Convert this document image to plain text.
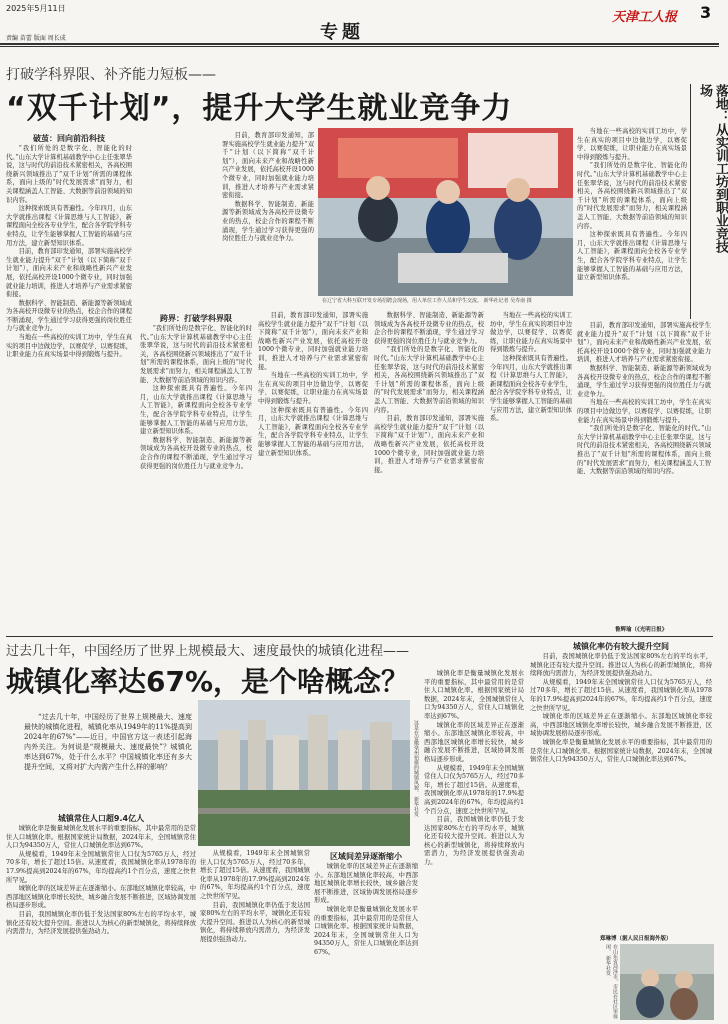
2025年5月11日
责编 苗蕾 版面 周长成	专题
天津工人报 3
打破学科界限、补齐能力短板——
“双千计划”，提升大学生就业竞争力	落地：从实训工坊到职业竞技场
破茧：回向前沿科技

“我们所处的是数字化、智能化的时代。”山东大学计算机基础教学中心主任张翠华说，这与时代的前沿技术紧密相关，各高校围绕新兴领域推出了“双千计划”所需的课程体系，面向上级的“时代发展需求”而努力，相关课程涵盖人工智能、大数据等前沿领域的知识内容。

这种探索既具有普遍性。今年四月，山东大学就推出课程《计算思维与人工智能》，新课程面向全校各专业学生，配合各学院学科专业特点，让学生能够掌握人工智能的基础与应用方法，建立新型知识体系。

目前，教育部印发通知，部署实施高校学生就业能力提升“双千”计划（以下简称“双千计划”），面向未来产业和战略性新兴产业发展，依托高校开设1000个微专业，同时加强就业能力培训，推进人才培养与产业需求紧密衔接。

数据科学、智能制造、新能源等新领域成为各高校开设微专业的热点，校企合作的课程不断涌现，学生通过学习获得更强的岗位胜任力与就业竞争力。

当地在一些高校的实训工坊中，学生在真实的项目中边做边学，以赛促学、以赛促练，让职业能力在真实场景中得到锻炼与提升。

目前，教育部印发通知，部署实施高校学生就业能力提升“双千”计划（以下简称“双千计划”），面向未来产业和战略性新兴产业发展，依托高校开设1000个微专业，同时加强就业能力培训，推进人才培养与产业需求紧密衔接。

数据科学、智能制造、新能源等新领域成为各高校开设微专业的热点，校企合作的课程不断涌现，学生通过学习获得更强的岗位胜任力与就业竞争力。

在辽宁省大科互联开发专场招聘会现场，用人单位工作人员和学生交流。 新华社记者 吴寿南 摄

当地在一些高校的实训工坊中，学生在真实的项目中边做边学，以赛促学、以赛促练，让职业能力在真实场景中得到锻炼与提升。

“我们所处的是数字化、智能化的时代。”山东大学计算机基础教学中心主任张翠华说，这与时代的前沿技术紧密相关，各高校围绕新兴领域推出了“双千计划”所需的课程体系，面向上级的“时代发展需求”而努力，相关课程涵盖人工智能、大数据等前沿领域的知识内容。

这种探索既具有普遍性。今年四月，山东大学就推出课程《计算思维与人工智能》，新课程面向全校各专业学生，配合各学院学科专业特点，让学生能够掌握人工智能的基础与应用方法，建立新型知识体系。

目前，教育部印发通知，部署实施高校学生就业能力提升“双千”计划（以下简称“双千计划”），面向未来产业和战略性新兴产业发展，依托高校开设1000个微专业，同时加强就业能力培训，推进人才培养与产业需求紧密衔接。

数据科学、智能制造、新能源等新领域成为各高校开设微专业的热点，校企合作的课程不断涌现，学生通过学习获得更强的岗位胜任力与就业竞争力。

当地在一些高校的实训工坊中，学生在真实的项目中边做边学，以赛促学、以赛促练，让职业能力在真实场景中得到锻炼与提升。

“我们所处的是数字化、智能化的时代。”山东大学计算机基础教学中心主任张翠华说，这与时代的前沿技术紧密相关，各高校围绕新兴领域推出了“双千计划”所需的课程体系，面向上级的“时代发展需求”而努力，相关课程涵盖人工智能、大数据等前沿领域的知识内容。

鲁辉瑜（《光明日报》
跨界：打破学科界限

“我们所处的是数字化、智能化的时代。”山东大学计算机基础教学中心主任张翠华说，这与时代的前沿技术紧密相关，各高校围绕新兴领域推出了“双千计划”所需的课程体系，面向上级的“时代发展需求”而努力，相关课程涵盖人工智能、大数据等前沿领域的知识内容。

这种探索既具有普遍性。今年四月，山东大学就推出课程《计算思维与人工智能》，新课程面向全校各专业学生，配合各学院学科专业特点，让学生能够掌握人工智能的基础与应用方法，建立新型知识体系。

数据科学、智能制造、新能源等新领域成为各高校开设微专业的热点，校企合作的课程不断涌现，学生通过学习获得更强的岗位胜任力与就业竞争力。

目前，教育部印发通知，部署实施高校学生就业能力提升“双千”计划（以下简称“双千计划”），面向未来产业和战略性新兴产业发展，依托高校开设1000个微专业，同时加强就业能力培训，推进人才培养与产业需求紧密衔接。

当地在一些高校的实训工坊中，学生在真实的项目中边做边学，以赛促学、以赛促练，让职业能力在真实场景中得到锻炼与提升。

这种探索既具有普遍性。今年四月，山东大学就推出课程《计算思维与人工智能》，新课程面向全校各专业学生，配合各学院学科专业特点，让学生能够掌握人工智能的基础与应用方法，建立新型知识体系。

数据科学、智能制造、新能源等新领域成为各高校开设微专业的热点，校企合作的课程不断涌现，学生通过学习获得更强的岗位胜任力与就业竞争力。

“我们所处的是数字化、智能化的时代。”山东大学计算机基础教学中心主任张翠华说，这与时代的前沿技术紧密相关，各高校围绕新兴领域推出了“双千计划”所需的课程体系，面向上级的“时代发展需求”而努力，相关课程涵盖人工智能、大数据等前沿领域的知识内容。

目前，教育部印发通知，部署实施高校学生就业能力提升“双千”计划（以下简称“双千计划”），面向未来产业和战略性新兴产业发展，依托高校开设1000个微专业，同时加强就业能力培训，推进人才培养与产业需求紧密衔接。

当地在一些高校的实训工坊中，学生在真实的项目中边做边学，以赛促学、以赛促练，让职业能力在真实场景中得到锻炼与提升。

这种探索既具有普遍性。今年四月，山东大学就推出课程《计算思维与人工智能》，新课程面向全校各专业学生，配合各学院学科专业特点，让学生能够掌握人工智能的基础与应用方法，建立新型知识体系。

过去几十年，中国经历了世界上规模最大、速度最快的城镇化进程——
城镇化率达67%，是个啥概念？

“过去几十年，中国经历了世界上规模最大、速度最快的城镇化进程，城镇化率从1949年的11%提高到2024年的67%”——近日，中国官方这一表述引起海内外关注。为何说是“规模最大、速度最快”？城镇化率达到67%，处于什么水平？中国城镇化率还有多大提升空间，又将对扩大内需产生什么样的影响？	这是在安徽亳州拍摄的城镇风貌。 新华社发
城镇常住人口超9.4亿人

城镇化率是衡量城镇化发展水平的重要指标，其中最常用的是常住人口城镇化率。根据国家统计局数据，2024年末，全国城镇常住人口为94350万人，常住人口城镇化率达到67%。

从规模看，1949年末全国城镇常住人口仅为5765万人，经过70多年，增长了超过15倍。从速度看，我国城镇化率从1978年的17.9%提高到2024年的67%，年均提高约1个百分点，速度之快世所罕见。

城镇化率的区域差异正在逐渐缩小。东部地区城镇化率较高，中西部地区城镇化率增长较快，城乡融合发展不断推进，区域协调发展格局逐步形成。

目前，我国城镇化率仍低于发达国家80%左右的平均水平，城镇化还有较大提升空间。推进以人为核心的新型城镇化，将持续释放内需潜力，为经济发展提供强劲动力。

从规模看，1949年末全国城镇常住人口仅为5765万人，经过70多年，增长了超过15倍。从速度看，我国城镇化率从1978年的17.9%提高到2024年的67%，年均提高约1个百分点，速度之快世所罕见。

目前，我国城镇化率仍低于发达国家80%左右的平均水平，城镇化还有较大提升空间。推进以人为核心的新型城镇化，将持续释放内需潜力，为经济发展提供强劲动力。

区域间差异逐渐缩小

城镇化率的区域差异正在逐渐缩小。东部地区城镇化率较高，中西部地区城镇化率增长较快，城乡融合发展不断推进，区域协调发展格局逐步形成。

城镇化率是衡量城镇化发展水平的重要指标，其中最常用的是常住人口城镇化率。根据国家统计局数据，2024年末，全国城镇常住人口为94350万人，常住人口城镇化率达到67%。

城镇化率是衡量城镇化发展水平的重要指标，其中最常用的是常住人口城镇化率。根据国家统计局数据，2024年末，全国城镇常住人口为94350万人，常住人口城镇化率达到67%。

城镇化率的区域差异正在逐渐缩小。东部地区城镇化率较高，中西部地区城镇化率增长较快，城乡融合发展不断推进，区域协调发展格局逐步形成。

从规模看，1949年末全国城镇常住人口仅为5765万人，经过70多年，增长了超过15倍。从速度看，我国城镇化率从1978年的17.9%提高到2024年的67%，年均提高约1个百分点，速度之快世所罕见。

目前，我国城镇化率仍低于发达国家80%左右的平均水平，城镇化还有较大提升空间。推进以人为核心的新型城镇化，将持续释放内需潜力，为经济发展提供强劲动力。

城镇化率仍有较大提升空间

目前，我国城镇化率仍低于发达国家80%左右的平均水平，城镇化还有较大提升空间。推进以人为核心的新型城镇化，将持续释放内需潜力，为经济发展提供强劲动力。

从规模看，1949年末全国城镇常住人口仅为5765万人，经过70多年，增长了超过15倍。从速度看，我国城镇化率从1978年的17.9%提高到2024年的67%，年均提高约1个百分点，速度之快世所罕见。

城镇化率的区域差异正在逐渐缩小。东部地区城镇化率较高，中西部地区城镇化率增长较快，城乡融合发展不断推进，区域协调发展格局逐步形成。

城镇化率是衡量城镇化发展水平的重要指标，其中最常用的是常住人口城镇化率。根据国家统计局数据，2024年末，全国城镇常住人口为94350万人，常住人口城镇化率达到67%。

郑琳博（据人民日报海外版）
在山东省菏泽市，市民在社区里休闲。 新华社发
